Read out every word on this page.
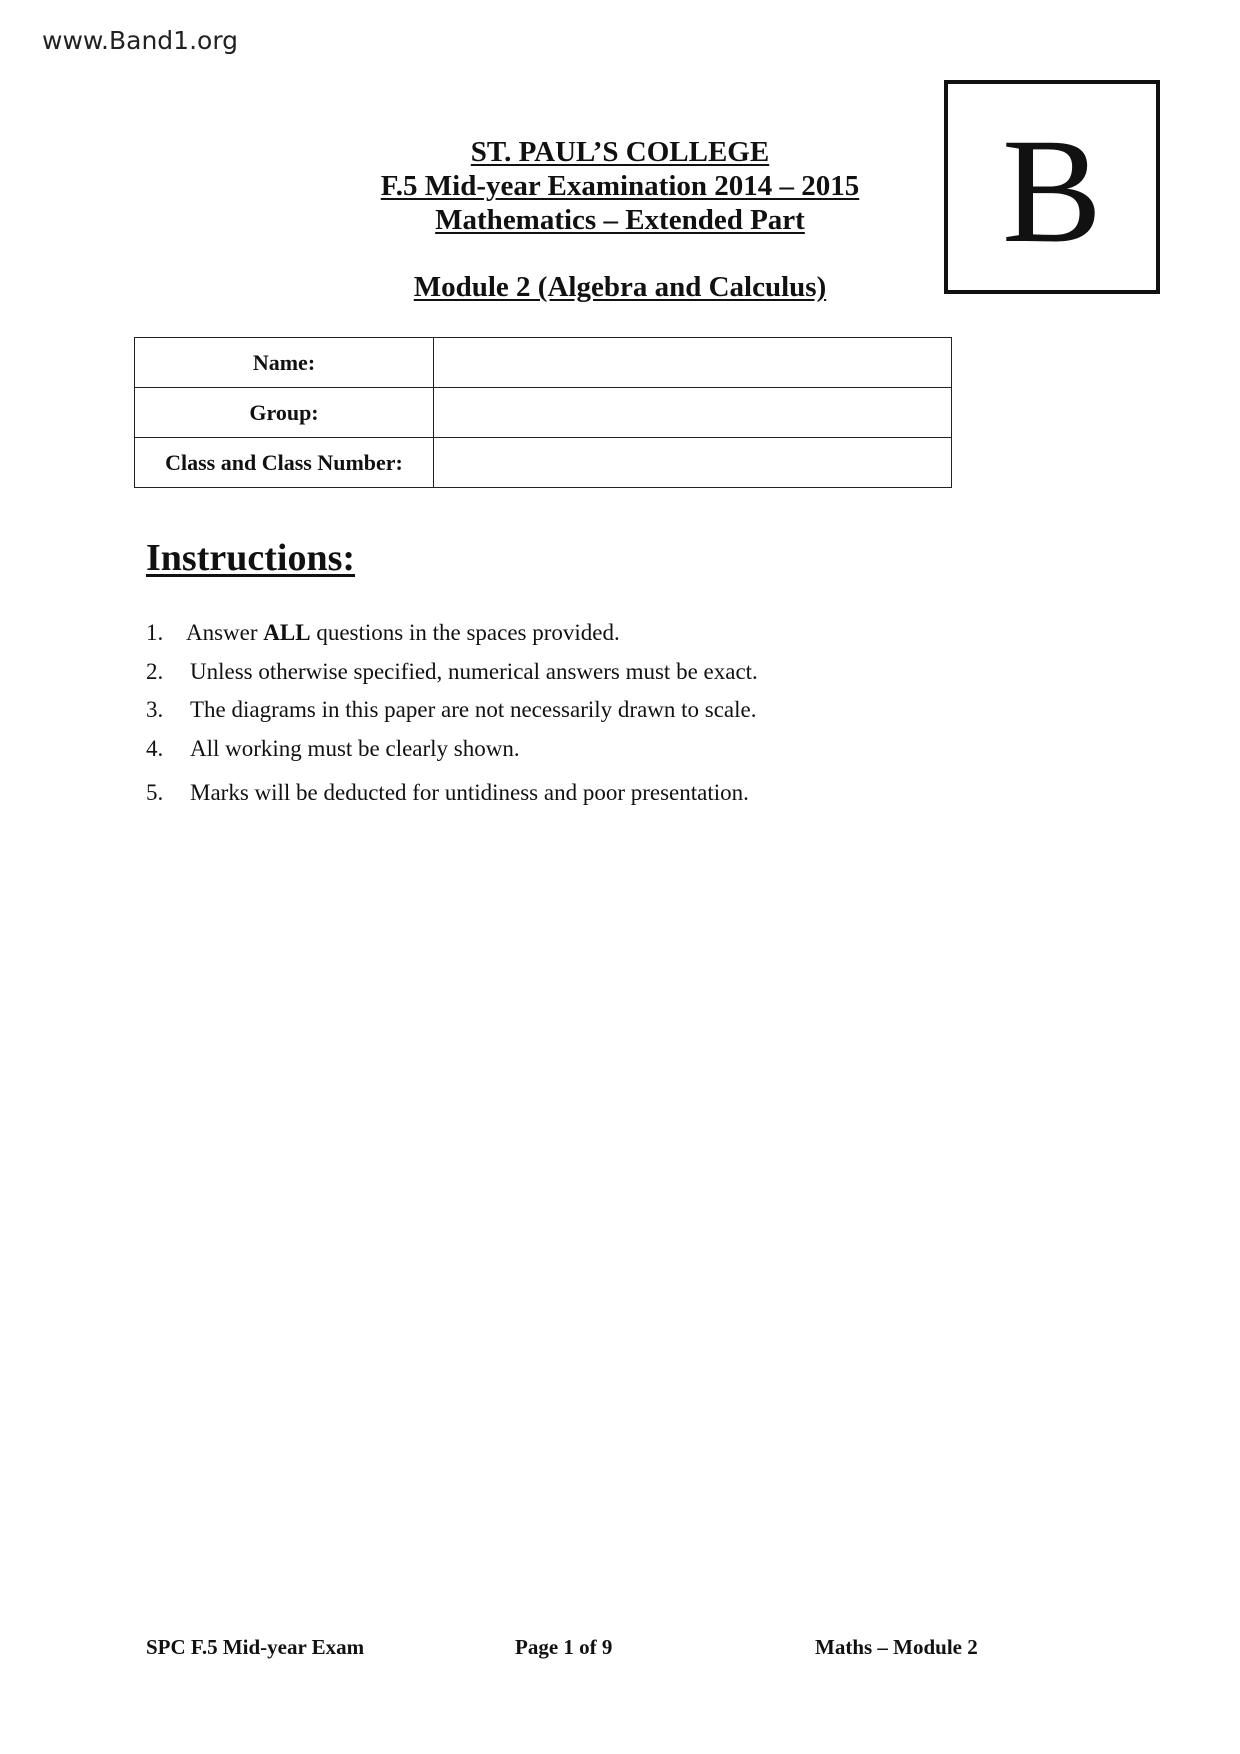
www.Band1.org
B
ST. PAUL’S COLLEGE
F.5 Mid-year Examination 2014 – 2015
Mathematics – Extended Part
Module 2 (Algebra and Calculus)
Name:	
Group:	
Class and Class Number:	
Instructions:
1. Answer ALL questions in the spaces provided.
2. Unless otherwise specified, numerical answers must be exact.
3. The diagrams in this paper are not necessarily drawn to scale.
4. All working must be clearly shown.
5. Marks will be deducted for untidiness and poor presentation.
SPC F.5 Mid-year Exam	Page 1 of 9	Maths – Module 2
